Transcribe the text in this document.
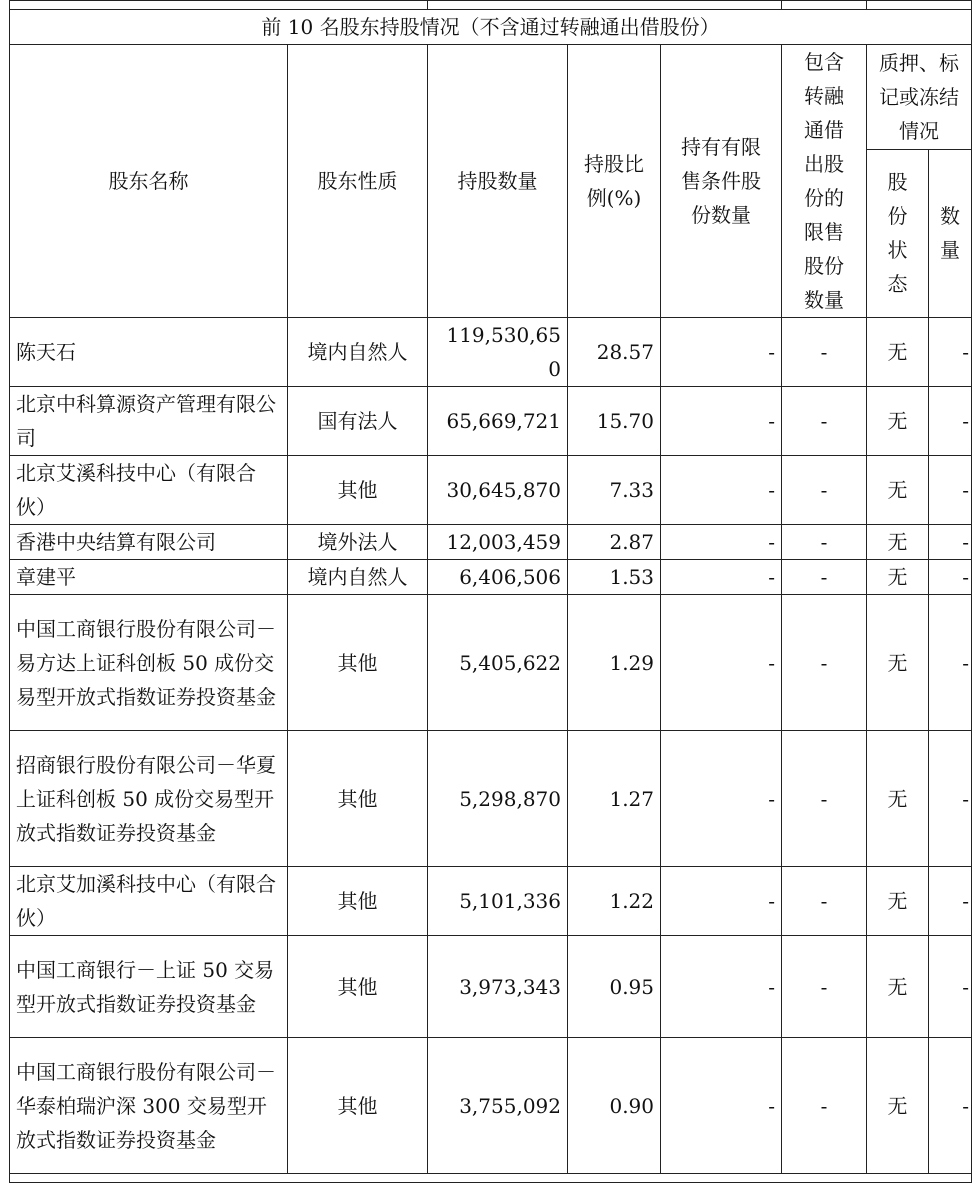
前 10 名股东持股情况（不含通过转融通出借股份）							
股东名称	股东性质	持股数量	持股比例(%)	持有有限售条件股份数量	包含转融通借出股份的限售股份数量	质押、标记或冻结情况	
						股份状态	数量
陈天石	境内自然人	119,530,650	28.57	-	-	无	-
北京中科算源资产管理有限公司	国有法人	65,669,721	15.70	-	-	无	-
北京艾溪科技中心（有限合伙）	其他	30,645,870	7.33	-	-	无	-
香港中央结算有限公司	境外法人	12,003,459	2.87	-	-	无	-
章建平	境内自然人	6,406,506	1.53	-	-	无	-
中国工商银行股份有限公司－易方达上证科创板 50 成份交易型开放式指数证券投资基金	其他	5,405,622	1.29	-	-	无	-
招商银行股份有限公司－华夏上证科创板 50 成份交易型开放式指数证券投资基金	其他	5,298,870	1.27	-	-	无	-
北京艾加溪科技中心（有限合伙）	其他	5,101,336	1.22	-	-	无	-
中国工商银行－上证 50 交易型开放式指数证券投资基金	其他	3,973,343	0.95	-	-	无	-
中国工商银行股份有限公司－华泰柏瑞沪深 300 交易型开放式指数证券投资基金	其他	3,755,092	0.90	-	-	无	-
